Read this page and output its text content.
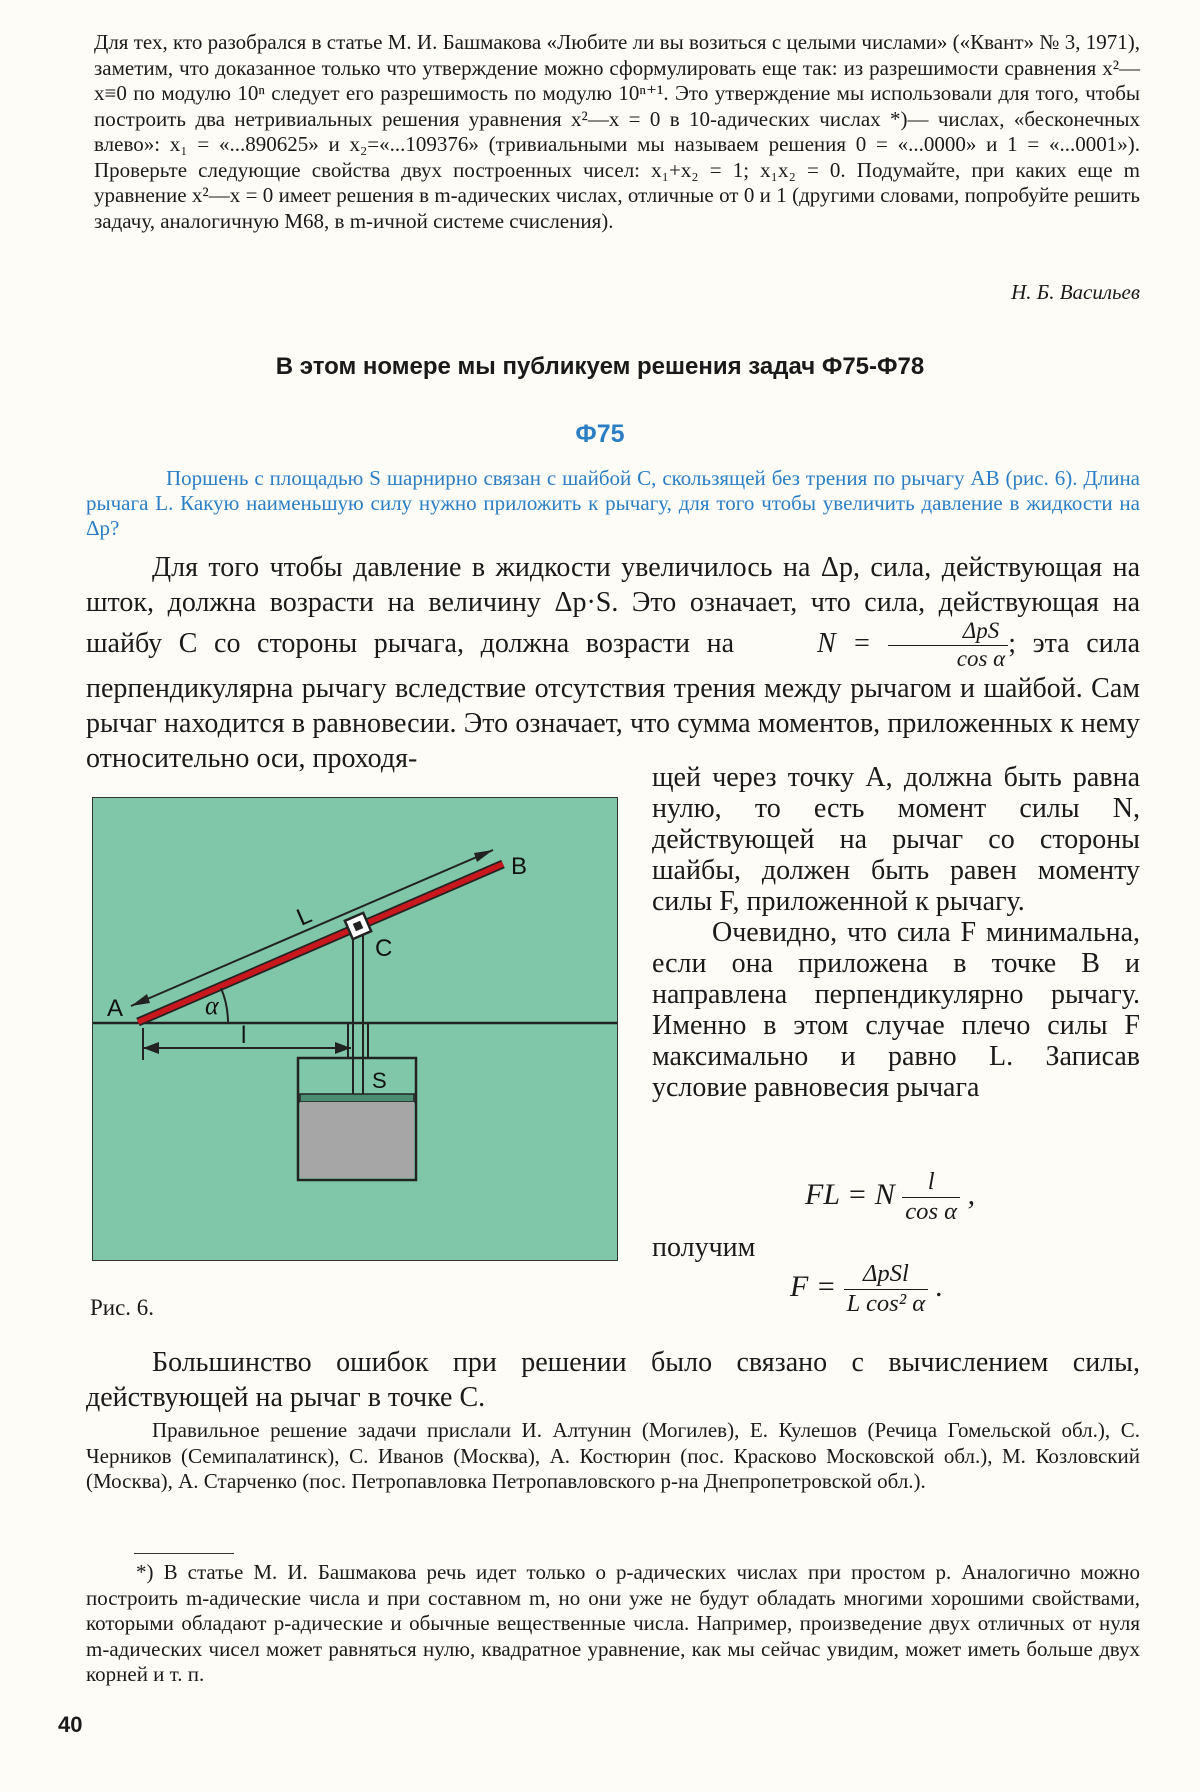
Для тех, кто разобрался в статье М. И. Башмакова «Любите ли вы возиться с целыми числами» («Квант» № 3, 1971), заметим, что доказанное только что утверждение можно сформулировать еще так: из разрешимости сравнения x²—x≡0 по модулю 10ⁿ следует его разрешимость по модулю 10ⁿ⁺¹. Это утверждение мы использовали для того, чтобы построить два нетривиальных решения уравнения x²—x = 0 в 10-адических числах *)— числах, «бесконечных влево»: x₁ = «...890625» и x₂=«...109376» (тривиальными мы называем решения 0 = «...0000» и 1 = «...0001»). Проверьте следующие свойства двух построенных чисел: x₁+x₂ = 1; x₁x₂ = 0. Подумайте, при каких еще m уравнение x²—x = 0 имеет решения в m-адических числах, отличные от 0 и 1 (другими словами, попробуйте решить задачу, аналогичную М68, в m-ичной системе счисления).

Н. Б. Васильев
В этом номере мы публикуем решения задач Ф75-Ф78
Ф75
Поршень с площадью S шарнирно связан с шайбой C, скользящей без трения по рычагу AB (рис. 6). Длина рычага L. Какую наименьшую силу нужно приложить к рычагу, для того чтобы увеличить давление в жидкости на Δp?

Для того чтобы давление в жидкости увеличилось на Δp, сила, действующая на шток, должна возрасти на величину Δp·S. Это означает, что сила, действующая на шайбу C со стороны рычага, должна возрасти на	$N = \frac{\text{ΔpS}}{\text{cos α}}$ ; эта сила перпендикулярна рычагу вследствие отсутствия трения между рычагом и шайбой. Сам рычаг находится в равновесии. Это означает, что сумма моментов, приложенных к нему относительно оси, проходя-

A
B
C
L
l
α
S
Рис. 6.

щей через точку A, должна быть равна нулю, то есть момент силы N, действующей на рычаг со стороны шайбы, должен быть равен моменту силы F, приложенной к рычагу.

Очевидно, что сила F минимальна, если она приложена в точке B и направлена перпендикулярно рычагу. Именно в этом случае плечо силы F максимально и равно L. Записав условие равновесия рычага

FL = N $\frac{l}{\text{cos α}}$ ,
получим
$F = \frac{\text{ΔpSl}}{\text{L cos² α}}$ .
Большинство ошибок при решении было связано с вычислением силы, действующей на рычаг в точке C.
Правильное решение задачи прислали И. Алтунин (Могилев), Е. Кулешов (Речица Гомельской обл.), С. Черников (Семипалатинск), С. Иванов (Москва), А. Костюрин (пос. Красково Московской обл.), М. Козловский (Москва), А. Старченко (пос. Петропавловка Петропавловского р-на Днепропетровской обл.).
*) В статье М. И. Башмакова речь идет только о p-адических числах при простом p. Аналогично можно построить m-адические числа и при составном m, но они уже не будут обладать многими хорошими свойствами, которыми обладают p-адические и обычные вещественные числа. Например, произведение двух отличных от нуля m-адических чисел может равняться нулю, квадратное уравнение, как мы сейчас увидим, может иметь больше двух корней и т. п.
40
